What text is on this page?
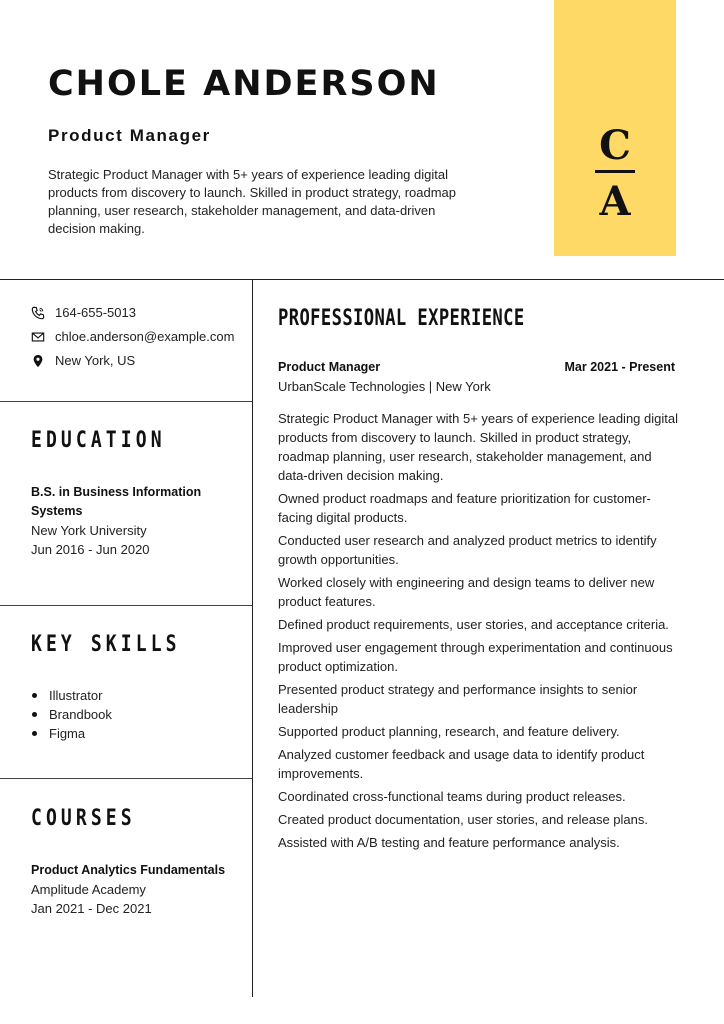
CHOLE ANDERSON
Product Manager
Strategic Product Manager with 5+ years of experience leading digital products from discovery to launch. Skilled in product strategy, roadmap planning, user research, stakeholder management, and data-driven decision making.
C
A
164-655-5013
chloe.anderson@example.com
New York, US
EDUCATION
B.S. in Business Information Systems
New York University
Jun 2016 - Jun 2020
KEY SKILLS
Illustrator
Brandbook
Figma
COURSES
Product Analytics Fundamentals
Amplitude Academy
Jan 2021 - Dec 2021
PROFESSIONAL EXPERIENCE
Product Manager	Mar 2021 - Present
UrbanScale Technologies | New York
Strategic Product Manager with 5+ years of experience leading digital products from discovery to launch. Skilled in product strategy, roadmap planning, user research, stakeholder management, and data-driven decision making.
Owned product roadmaps and feature prioritization for customer-facing digital products.
Conducted user research and analyzed product metrics to identify growth opportunities.
Worked closely with engineering and design teams to deliver new product features.
Defined product requirements, user stories, and acceptance criteria.
Improved user engagement through experimentation and continuous product optimization.
Presented product strategy and performance insights to senior leadership
Supported product planning, research, and feature delivery.
Analyzed customer feedback and usage data to identify product improvements.
Coordinated cross-functional teams during product releases.
Created product documentation, user stories, and release plans.
Assisted with A/B testing and feature performance analysis.
